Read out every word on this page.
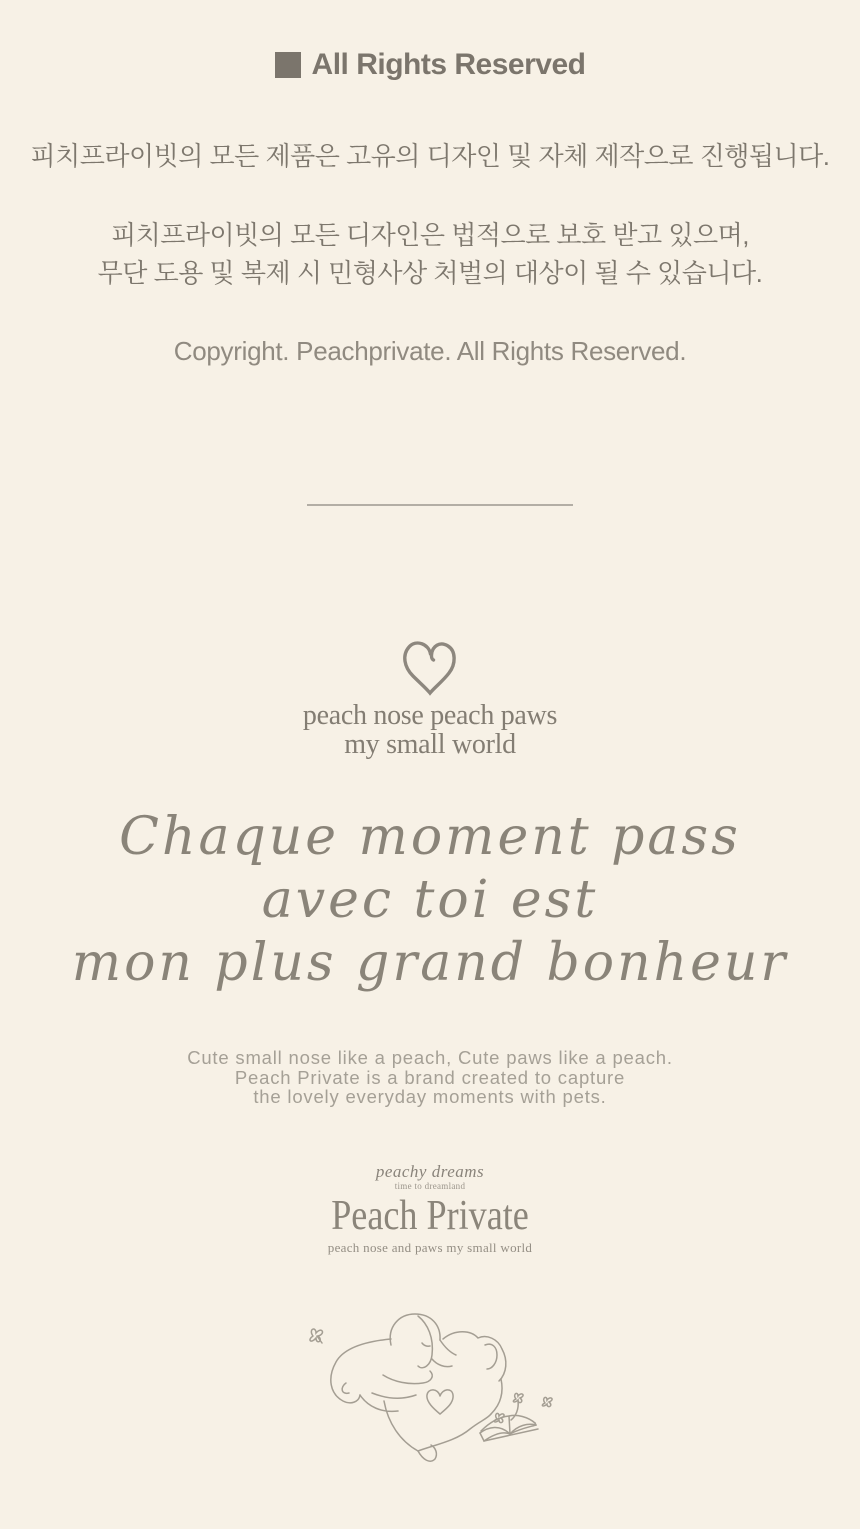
All Rights Reserved

피치프라이빗의 모든 제품은 고유의 디자인 및 자체 제작으로 진행됩니다.

피치프라이빗의 모든 디자인은 법적으로 보호 받고 있으며,

무단 도용 및 복제 시 민형사상 처벌의 대상이 될 수 있습니다.

Copyright. Peachprivate. All Rights Reserved.

peach nose peach paws

my small world

Chaque moment pass

avec toi est

mon plus grand bonheur

Cute small nose like a peach, Cute paws like a peach.

Peach Private is a brand created to capture

the lovely everyday moments with pets.

peachy dreams

time to dreamland

Peach Private

peach nose and paws my small world
